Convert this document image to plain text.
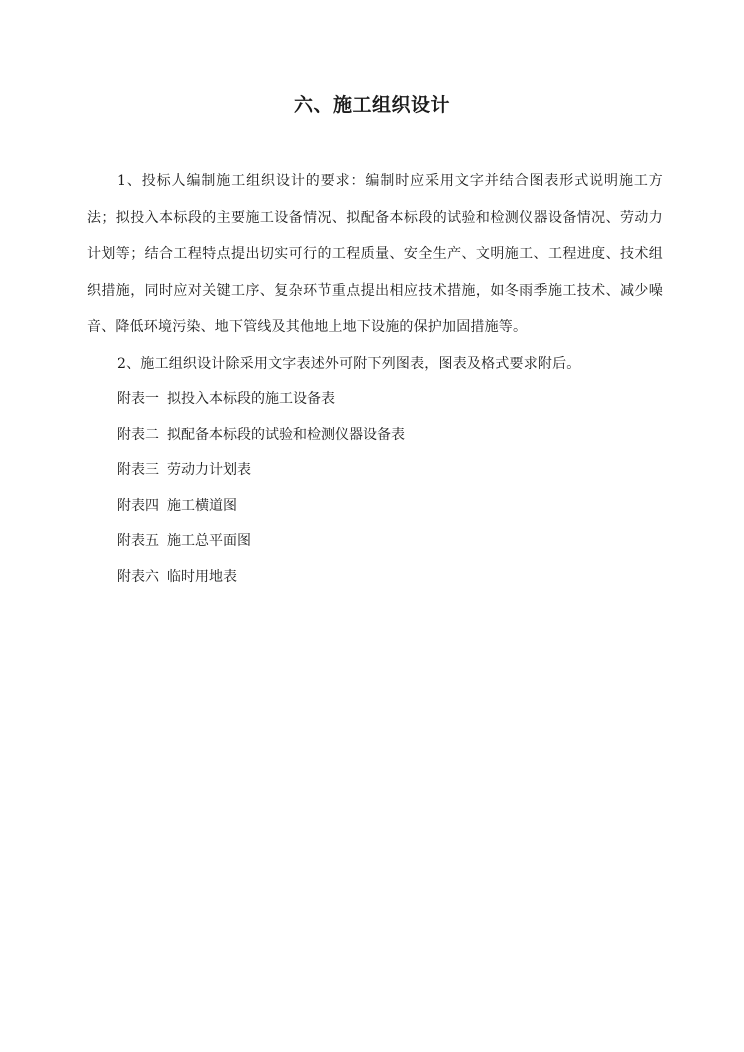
六、施工组织设计

1、投标人编制施工组织设计的要求：编制时应采用文字并结合图表形式说明施工方法；拟投入本标段的主要施工设备情况、拟配备本标段的试验和检测仪器设备情况、劳动力计划等；结合工程特点提出切实可行的工程质量、安全生产、文明施工、工程进度、技术组织措施，同时应对关键工序、复杂环节重点提出相应技术措施，如冬雨季施工技术、减少噪音、降低环境污染、地下管线及其他地上地下设施的保护加固措施等。

2、施工组织设计除采用文字表述外可附下列图表，图表及格式要求附后。

附表一 拟投入本标段的施工设备表
附表二 拟配备本标段的试验和检测仪器设备表
附表三 劳动力计划表
附表四 施工横道图
附表五 施工总平面图
附表六 临时用地表
